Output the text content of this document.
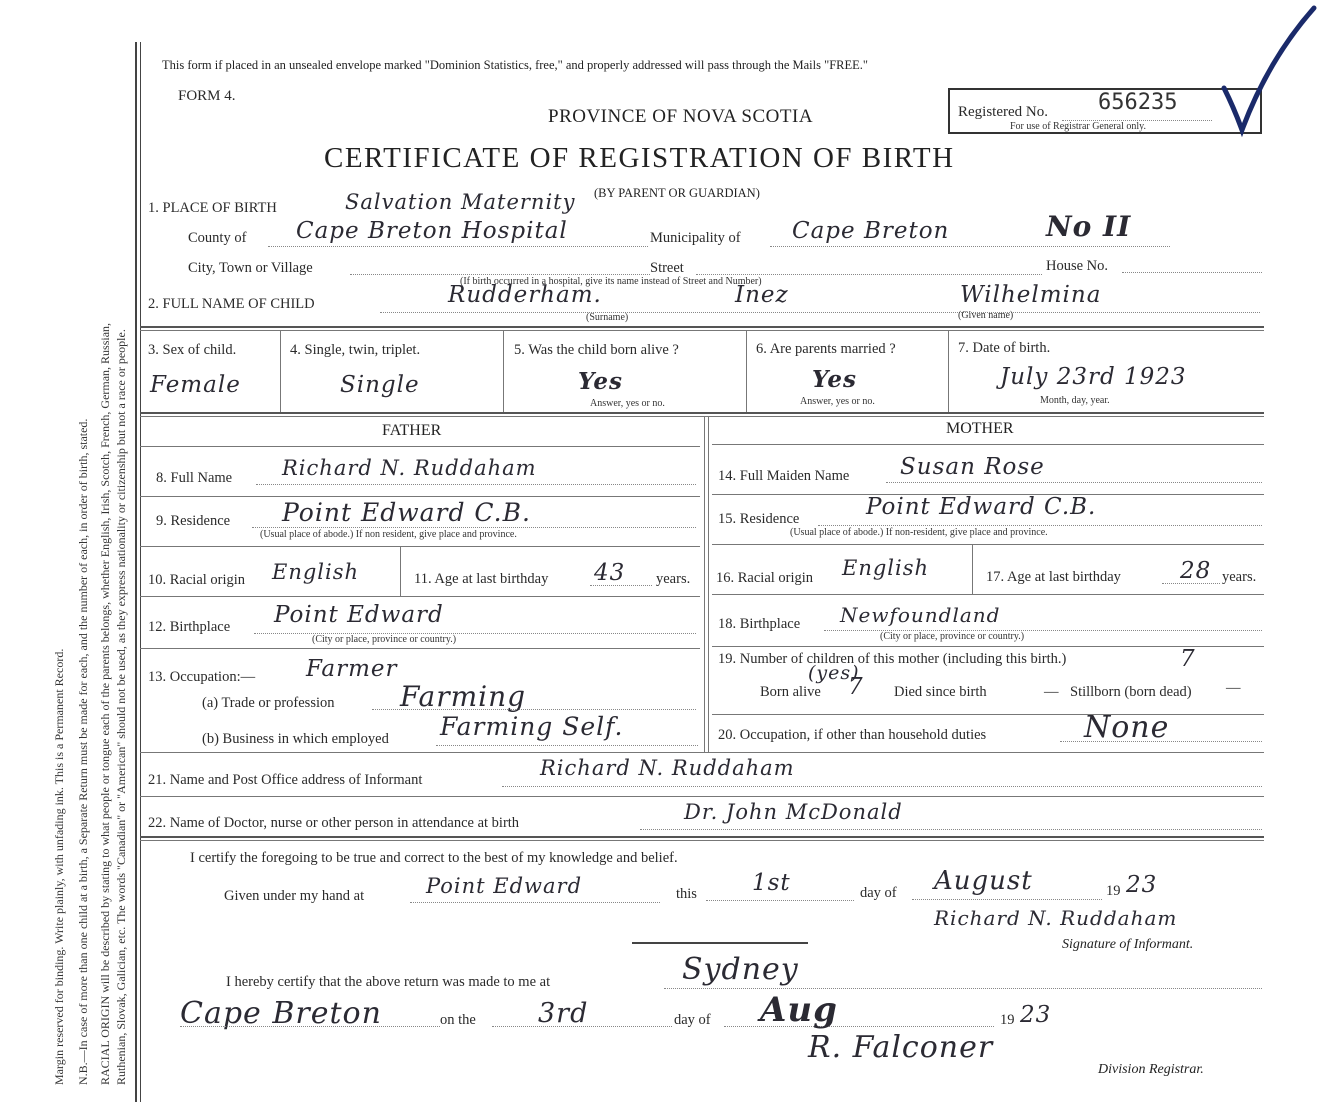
Margin reserved for binding. Write plainly, with unfading ink. This is a Permanent Record. N.B.—In case of more than one child at a birth, a Separate Return must be made for each, and the number of each, in order of birth, stated. RACIAL ORIGIN will be described by stating to what people or tongue each of the parents belongs, whether English, Irish, Scotch, French, German, Russian, Ruthenian, Slovak, Galician, etc. The words "Canadian" or "American" should not be used, as they express nationality or citizenship but not a race or people.
This form if placed in an unsealed envelope marked "Dominion Statistics, free," and properly addressed will pass through the Mails "FREE."
FORM 4.
PROVINCE OF NOVA SCOTIA
CERTIFICATE OF REGISTRATION OF BIRTH
Registered No. 656235
For use of Registrar General only.
1. PLACE OF BIRTH	Salvation Maternity (BY PARENT OR GUARDIAN)
County of Cape Breton Hospital	Municipality of Cape Breton	No II
City, Town or Village	Street	House No.
(If birth occurred in a hospital, give its name instead of Street and Number)
2. FULL NAME OF CHILD	Rudderham.	Inez	Wilhelmina
(Surname)	(Given name)
3. Sex of child.
Female
4. Single, twin, triplet.
Single
5. Was the child born alive ?
Yes
Answer, yes or no.
6. Are parents married ?
Yes
Answer, yes or no.
7. Date of birth.
July 23rd 1923
Month, day, year.
FATHER	MOTHER
8. Full Name Richard N. Ruddaham
9. Residence Point Edward C.B.
(Usual place of abode.) If non resident, give place and province.
10. Racial origin English	11. Age at last birthday 43 years.
12. Birthplace Point Edward
(City or place, province or country.)
13. Occupation:— Farmer
(a) Trade or profession Farming
(b) Business in which employed Farming Self.
14. Full Maiden Name Susan Rose
15. Residence	Point Edward C.B.
(Usual place of abode.) If non-resident, give place and province.
16. Racial origin English	17. Age at last birthday	28 years.
18. Birthplace Newfoundland
(City or place, province or country.)
19. Number of children of this mother (including this birth.)	7
(yes)
Born alive 7 Died since birth	— Stillborn (born dead) —
20. Occupation, if other than household duties	None
21. Name and Post Office address of Informant	Richard N. Ruddaham
22. Name of Doctor, nurse or other person in attendance at birth	Dr. John McDonald
I certify the foregoing to be true and correct to the best of my knowledge and belief.
Given under my hand at	Point Edward	this 1st	day of August	19 23
Richard N. Ruddaham
Signature of Informant.
I hereby certify that the above return was made to me at	Sydney
Cape Breton	on the 3rd	day of Aug	19 23
R. Falconer
Division Registrar.
